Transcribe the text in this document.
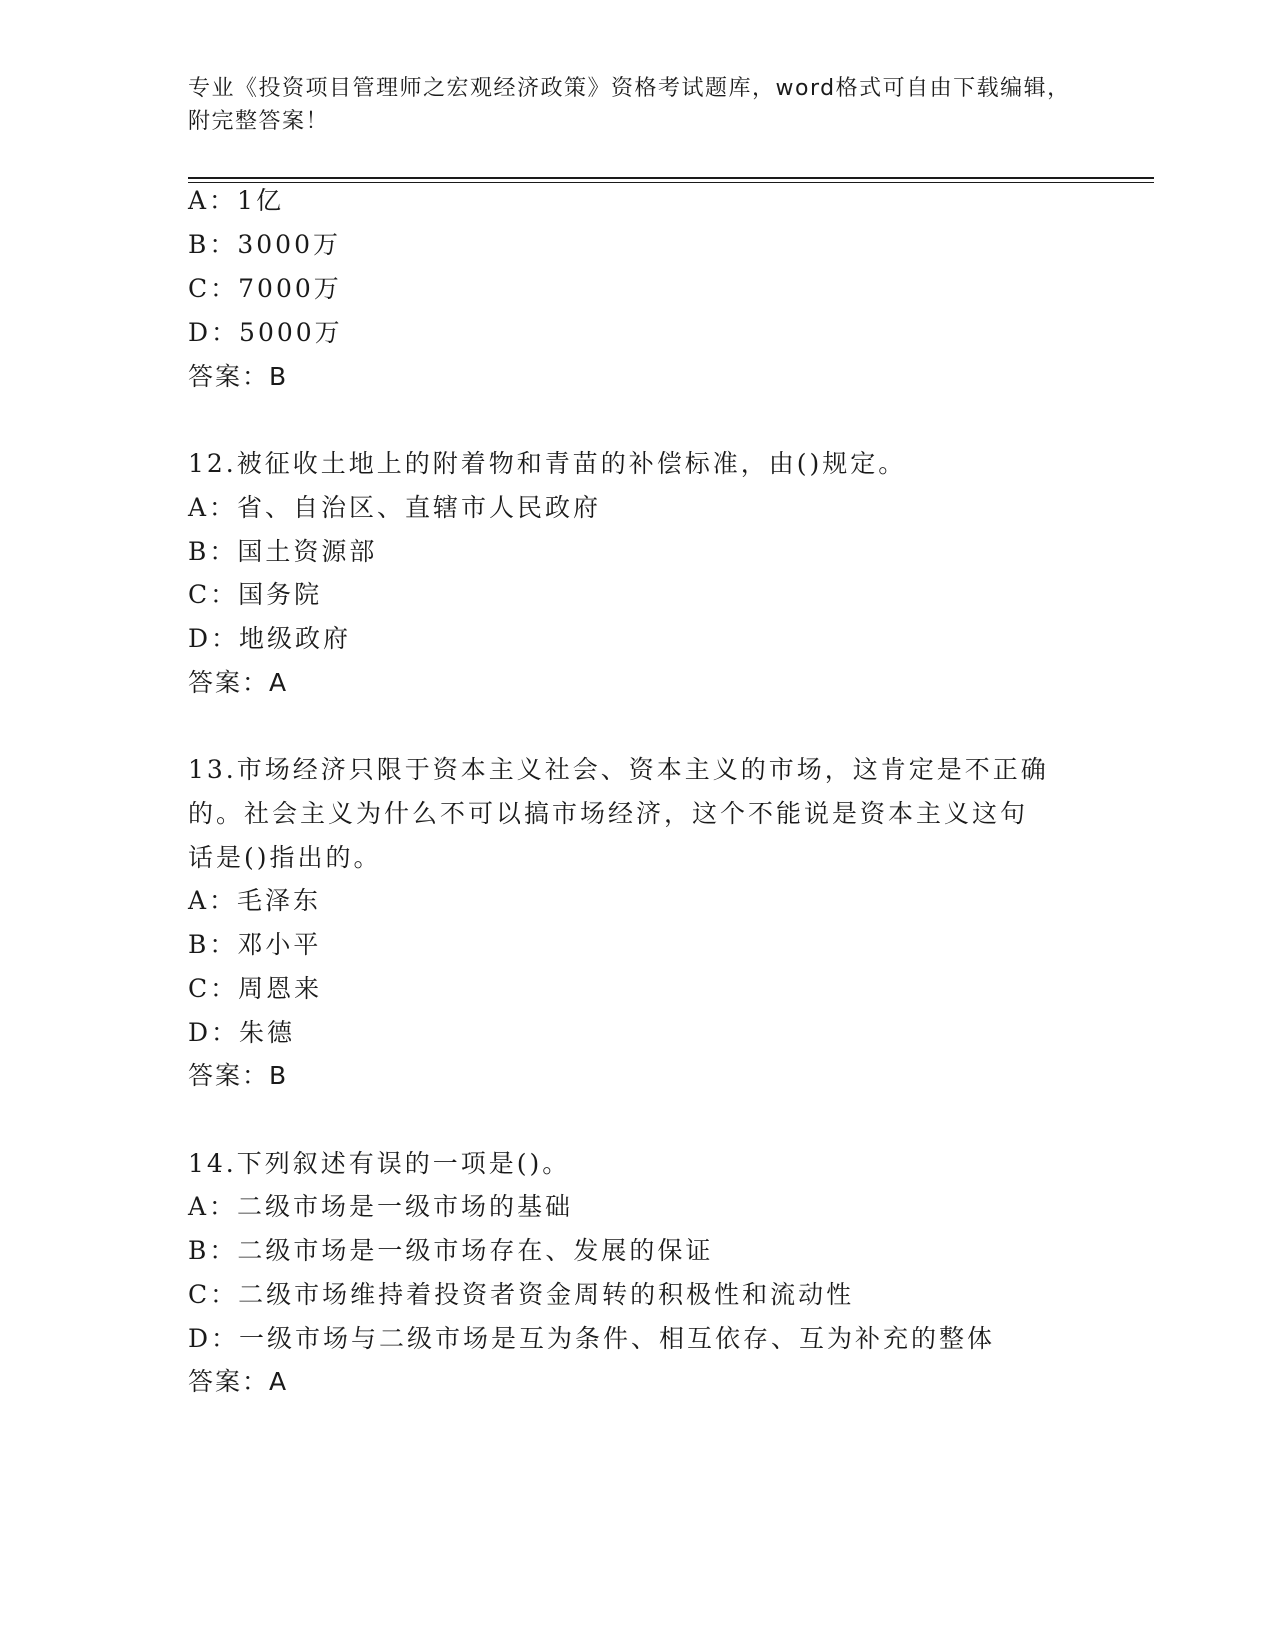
专业《投资项目管理师之宏观经济政策》资格考试题库，word格式可自由下载编辑，附完整答案！

A：1亿
B：3000万
C：7000万
D：5000万
答案：B
12.被征收土地上的附着物和青苗的补偿标准，由()规定。
A：省、自治区、直辖市人民政府
B：国土资源部
C：国务院
D：地级政府
答案：A
13.市场经济只限于资本主义社会、资本主义的市场，这肯定是不正确
的。社会主义为什么不可以搞市场经济，这个不能说是资本主义这句
话是()指出的。
A：毛泽东
B：邓小平
C：周恩来
D：朱德
答案：B
14.下列叙述有误的一项是()。
A：二级市场是一级市场的基础
B：二级市场是一级市场存在、发展的保证
C：二级市场维持着投资者资金周转的积极性和流动性
D：一级市场与二级市场是互为条件、相互依存、互为补充的整体
答案：A
